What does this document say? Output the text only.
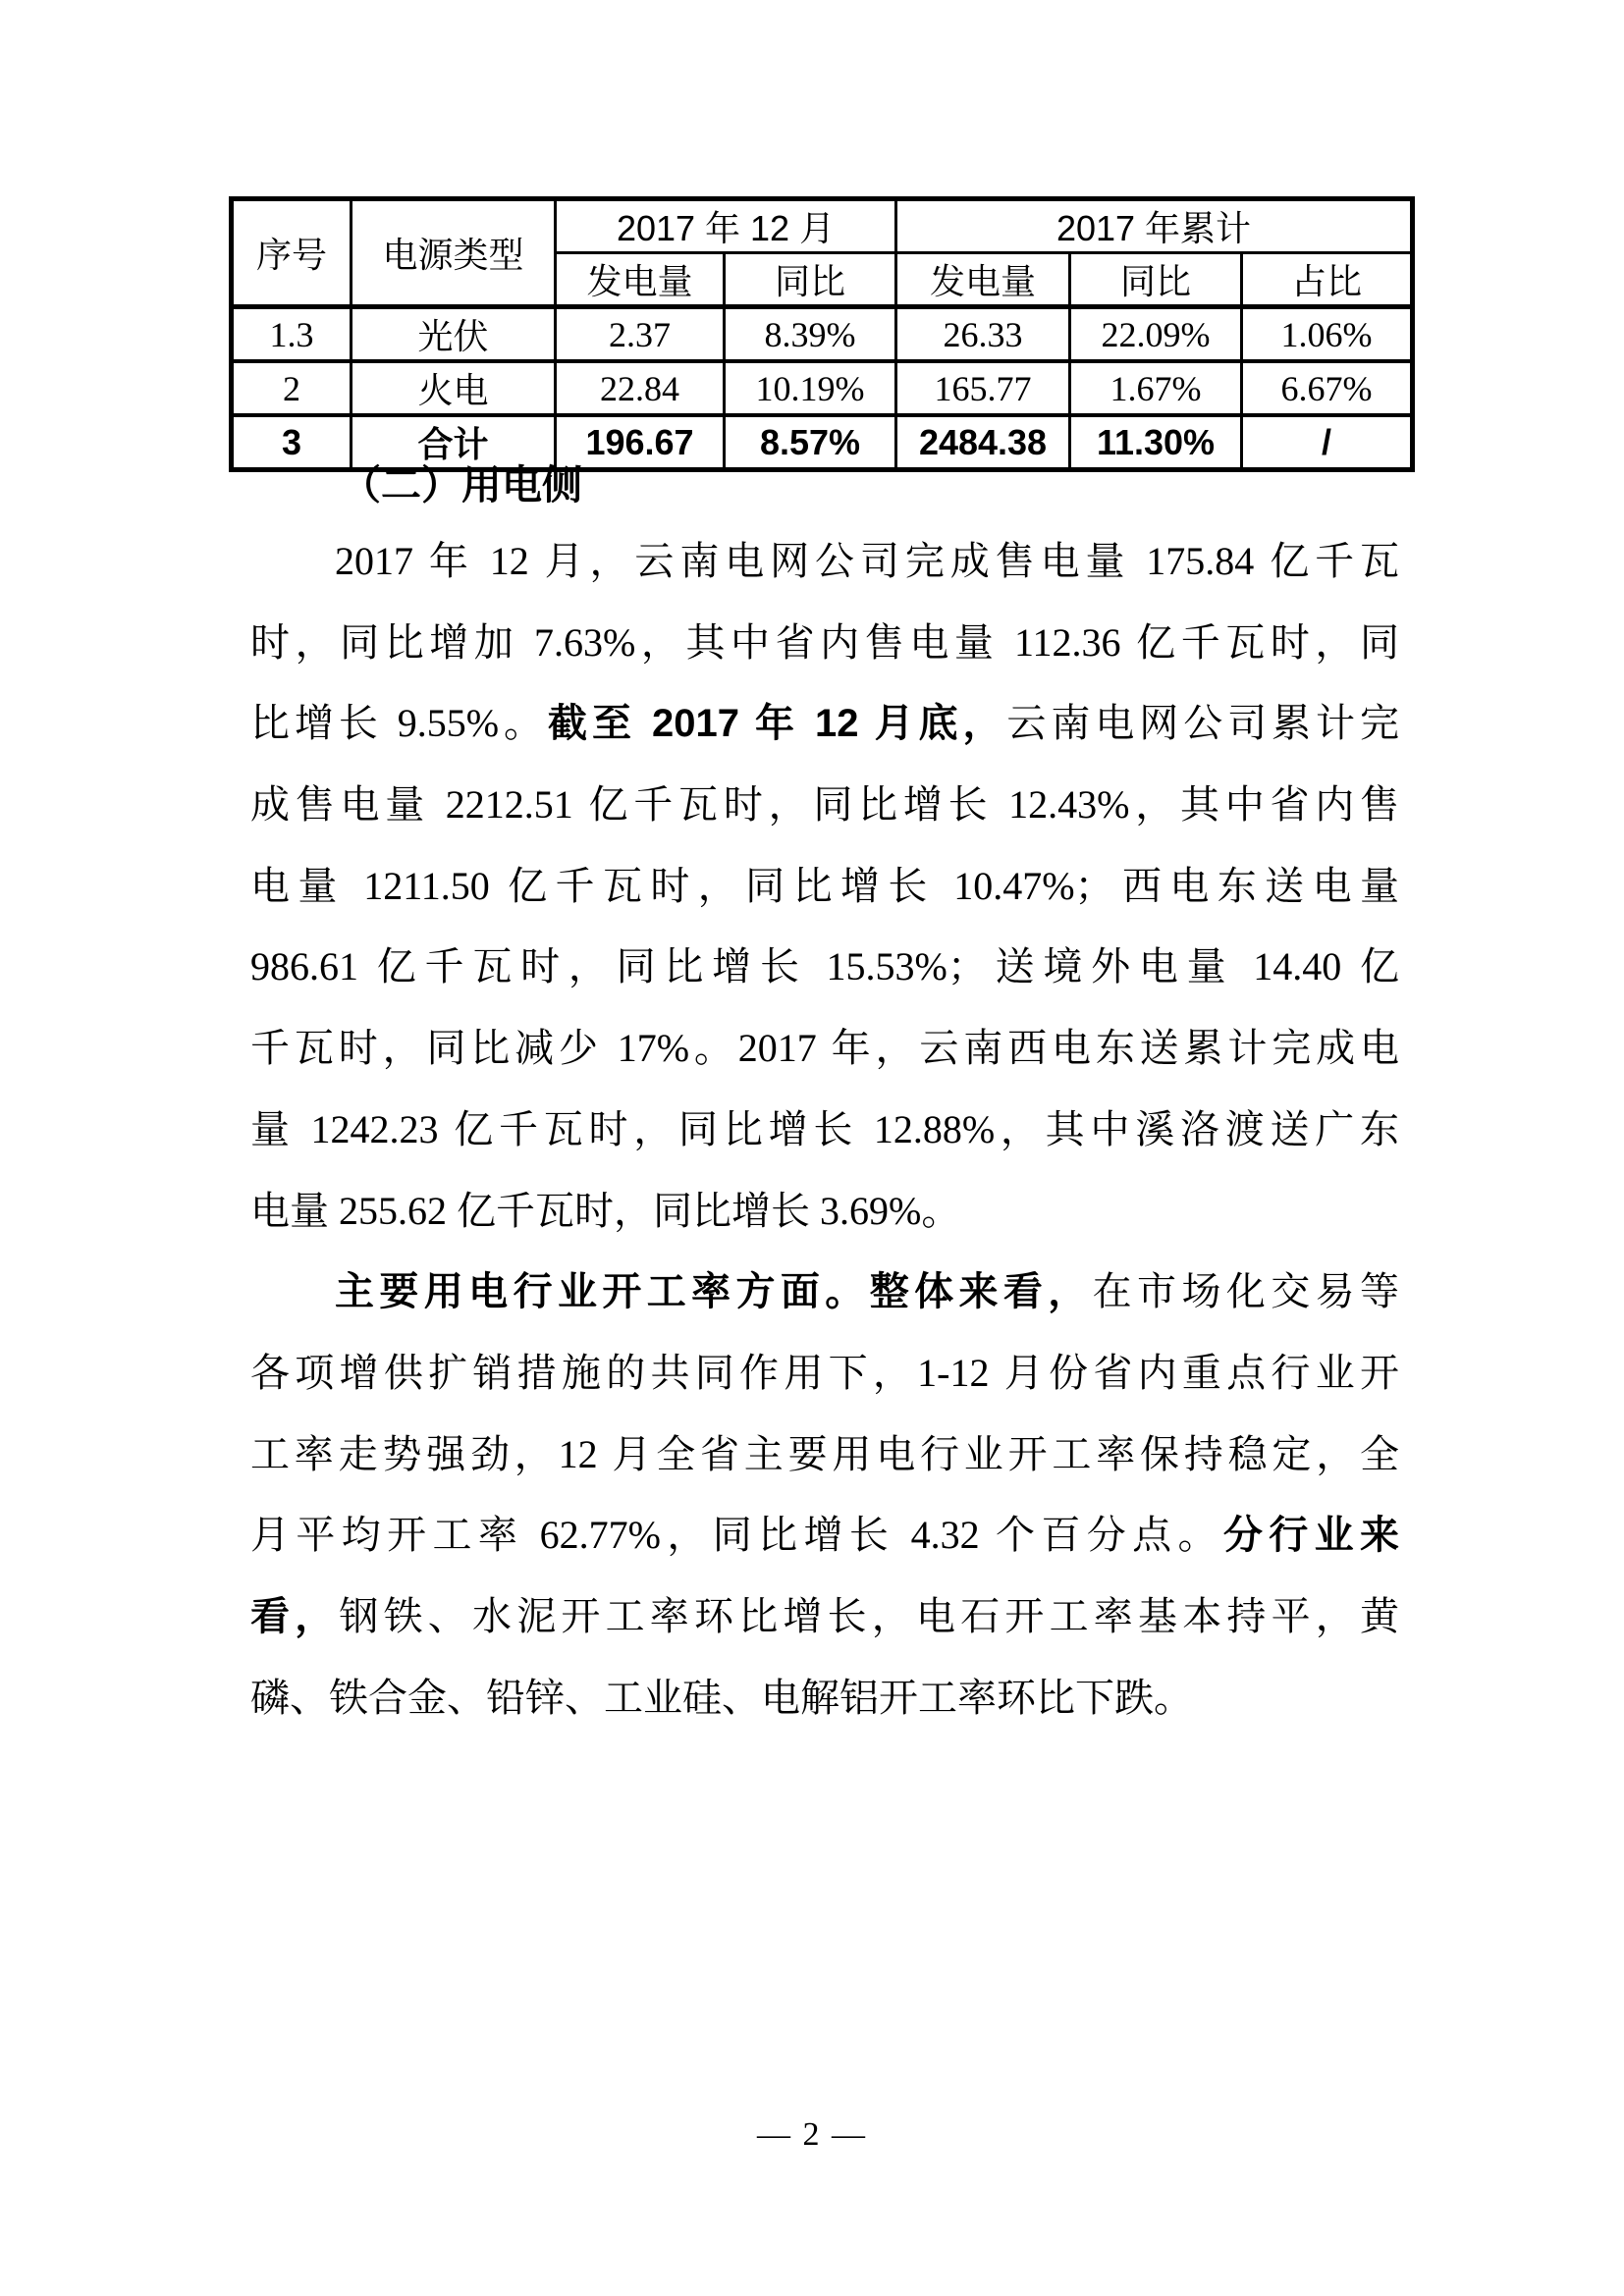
序号	电源类型	2017 年 12 月		2017 年累计		
		发电量	同比	发电量	同比	占比
1.3	光伏	2.37	8.39%	26.33	22.09%	1.06%
2	火电	22.84	10.19%	165.77	1.67%	6.67%
3	合计	196.67	8.57%	2484.38	11.30%	/
（二）用电侧
2017 年 12 月，云南电网公司完成售电量 175.84 亿千瓦
时，同比增加 7.63%，其中省内售电量 112.36 亿千瓦时，同
比增长 9.55%。截至 2017 年 12 月底，云南电网公司累计完
成售电量 2212.51 亿千瓦时，同比增长 12.43%，其中省内售
电量 1211.50 亿千瓦时，同比增长 10.47%；西电东送电量
986.61 亿千瓦时，同比增长 15.53%；送境外电量 14.40 亿
千瓦时，同比减少 17%。2017 年，云南西电东送累计完成电
量 1242.23 亿千瓦时，同比增长 12.88%，其中溪洛渡送广东
电量 255.62 亿千瓦时，同比增长 3.69%。
主要用电行业开工率方面。整体来看，在市场化交易等
各项增供扩销措施的共同作用下，1-12 月份省内重点行业开
工率走势强劲，12 月全省主要用电行业开工率保持稳定，全
月平均开工率 62.77%，同比增长 4.32 个百分点。分行业来
看，钢铁、水泥开工率环比增长，电石开工率基本持平，黄
磷、铁合金、铅锌、工业硅、电解铝开工率环比下跌。
— 2 —
